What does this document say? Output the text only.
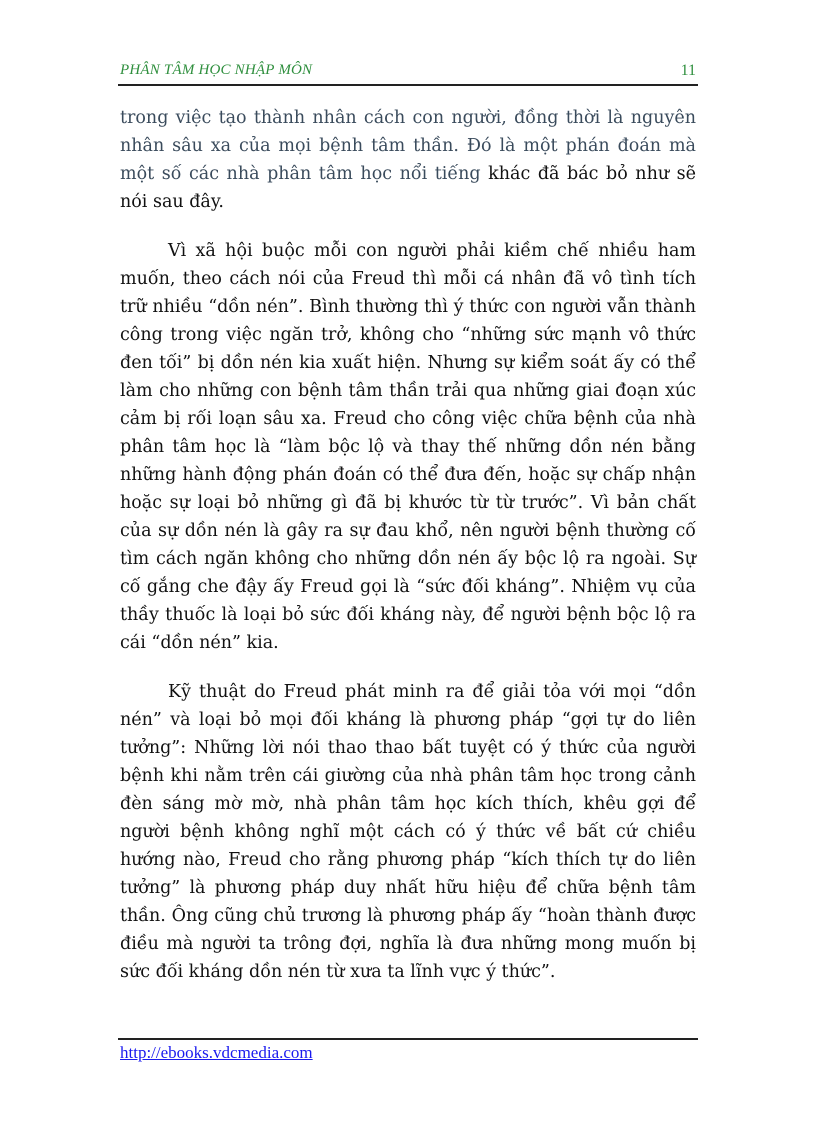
PHÂN TÂM HỌC NHẬP MÔN	11

trong việc tạo thành nhân cách con người, đồng thời là nguyên nhân sâu xa của mọi bệnh tâm thần. Đó là một phán đoán mà một số các nhà phân tâm học nổi tiếng khác đã bác bỏ như sẽ nói sau đây.

Vì xã hội buộc mỗi con người phải kiềm chế nhiều ham muốn, theo cách nói của Freud thì mỗi cá nhân đã vô tình tích trữ nhiều “dồn nén”. Bình thường thì ý thức con người vẫn thành công trong việc ngăn trở, không cho “những sức mạnh vô thức đen tối” bị dồn nén kia xuất hiện. Nhưng sự kiểm soát ấy có thể làm cho những con bệnh tâm thần trải qua những giai đoạn xúc cảm bị rối loạn sâu xa. Freud cho công việc chữa bệnh của nhà phân tâm học là “làm bộc lộ và thay thế những dồn nén bằng những hành động phán đoán có thể đưa đến, hoặc sự chấp nhận hoặc sự loại bỏ những gì đã bị khước từ từ trước”. Vì bản chất của sự dồn nén là gây ra sự đau khổ, nên người bệnh thường cố tìm cách ngăn không cho những dồn nén ấy bộc lộ ra ngoài. Sự cố gắng che đậy ấy Freud gọi là “sức đối kháng”. Nhiệm vụ của thầy thuốc là loại bỏ sức đối kháng này, để người bệnh bộc lộ ra cái “dồn nén” kia.

Kỹ thuật do Freud phát minh ra để giải tỏa với mọi “dồn nén” và loại bỏ mọi đối kháng là phương pháp “gợi tự do liên tưởng”: Những lời nói thao thao bất tuyệt có ý thức của người bệnh khi nằm trên cái giường của nhà phân tâm học trong cảnh đèn sáng mờ mờ, nhà phân tâm học kích thích, khêu gợi để người bệnh không nghĩ một cách có ý thức về bất cứ chiều hướng nào, Freud cho rằng phương pháp “kích thích tự do liên tưởng” là phương pháp duy nhất hữu hiệu để chữa bệnh tâm thần. Ông cũng chủ trương là phương pháp ấy “hoàn thành được điều mà người ta trông đợi, nghĩa là đưa những mong muốn bị sức đối kháng dồn nén từ xưa ta lĩnh vực ý thức”.

http://ebooks.vdcmedia.com
